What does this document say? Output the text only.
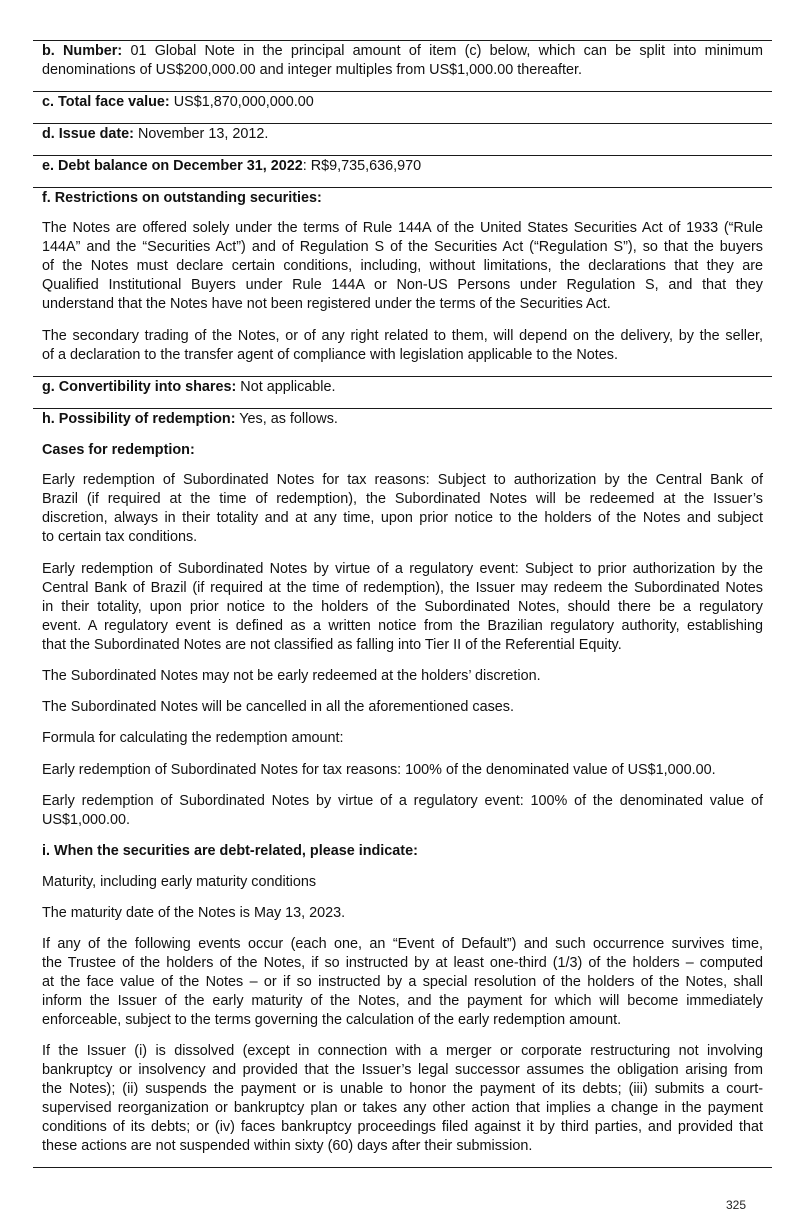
b. Number: 01 Global Note in the principal amount of item (c) below, which can be split into minimum
denominations of US$200,000.00 and integer multiples from US$1,000.00 thereafter.
c. Total face value: US$1,870,000,000.00
d. Issue date: November 13, 2012.
e. Debt balance on December 31, 2022: R$9,735,636,970
f. Restrictions on outstanding securities:
The Notes are offered solely under the terms of Rule 144A of the United States Securities Act of 1933 (“Rule
144A” and the “Securities Act”) and of Regulation S of the Securities Act (“Regulation S”), so that the buyers
of the Notes must declare certain conditions, including, without limitations, the declarations that they are
Qualified Institutional Buyers under Rule 144A or Non-US Persons under Regulation S, and that they
understand that the Notes have not been registered under the terms of the Securities Act.
The secondary trading of the Notes, or of any right related to them, will depend on the delivery, by the seller,
of a declaration to the transfer agent of compliance with legislation applicable to the Notes.
g. Convertibility into shares: Not applicable.
h. Possibility of redemption: Yes, as follows.
Cases for redemption:
Early redemption of Subordinated Notes for tax reasons: Subject to authorization by the Central Bank of
Brazil (if required at the time of redemption), the Subordinated Notes will be redeemed at the Issuer’s
discretion, always in their totality and at any time, upon prior notice to the holders of the Notes and subject
to certain tax conditions.
Early redemption of Subordinated Notes by virtue of a regulatory event: Subject to prior authorization by the
Central Bank of Brazil (if required at the time of redemption), the Issuer may redeem the Subordinated Notes
in their totality, upon prior notice to the holders of the Subordinated Notes, should there be a regulatory
event. A regulatory event is defined as a written notice from the Brazilian regulatory authority, establishing
that the Subordinated Notes are not classified as falling into Tier II of the Referential Equity.
The Subordinated Notes may not be early redeemed at the holders’ discretion.
The Subordinated Notes will be cancelled in all the aforementioned cases.
Formula for calculating the redemption amount:
Early redemption of Subordinated Notes for tax reasons: 100% of the denominated value of US$1,000.00.
Early redemption of Subordinated Notes by virtue of a regulatory event: 100% of the denominated value of
US$1,000.00.
i. When the securities are debt-related, please indicate:
Maturity, including early maturity conditions
The maturity date of the Notes is May 13, 2023.
If any of the following events occur (each one, an “Event of Default”) and such occurrence survives time,
the Trustee of the holders of the Notes, if so instructed by at least one-third (1/3) of the holders – computed
at the face value of the Notes – or if so instructed by a special resolution of the holders of the Notes, shall
inform the Issuer of the early maturity of the Notes, and the payment for which will become immediately
enforceable, subject to the terms governing the calculation of the early redemption amount.
If the Issuer (i) is dissolved (except in connection with a merger or corporate restructuring not involving
bankruptcy or insolvency and provided that the Issuer’s legal successor assumes the obligation arising from
the Notes); (ii) suspends the payment or is unable to honor the payment of its debts; (iii) submits a court-
supervised reorganization or bankruptcy plan or takes any other action that implies a change in the payment
conditions of its debts; or (iv) faces bankruptcy proceedings filed against it by third parties, and provided that
these actions are not suspended within sixty (60) days after their submission.
325
